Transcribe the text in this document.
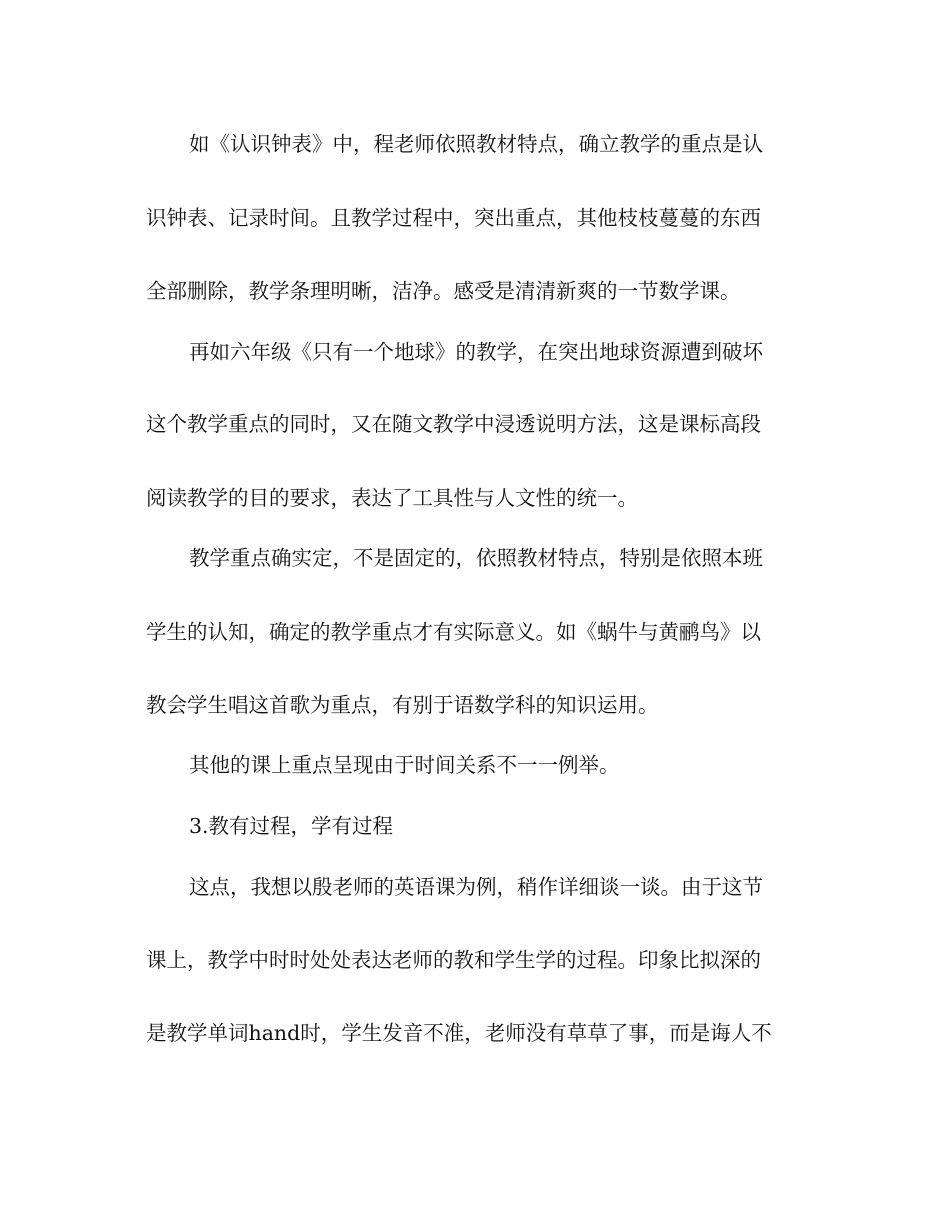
如《认识钟表》中，程老师依照教材特点，确立教学的重点是认

识钟表、记录时间。且教学过程中，突出重点，其他枝枝蔓蔓的东西

全部删除，教学条理明晰，洁净。感受是清清新爽的一节数学课。

再如六年级《只有一个地球》的教学，在突出地球资源遭到破坏

这个教学重点的同时，又在随文教学中浸透说明方法，这是课标高段

阅读教学的目的要求，表达了工具性与人文性的统一。

教学重点确实定，不是固定的，依照教材特点，特别是依照本班

学生的认知，确定的教学重点才有实际意义。如《蜗牛与黄鹂鸟》以

教会学生唱这首歌为重点，有别于语数学科的知识运用。

其他的课上重点呈现由于时间关系不一一例举。

3.教有过程，学有过程

这点，我想以殷老师的英语课为例，稍作详细谈一谈。由于这节

课上，教学中时时处处表达老师的教和学生学的过程。印象比拟深的

是教学单词hand时，学生发音不准，老师没有草草了事，而是诲人不
